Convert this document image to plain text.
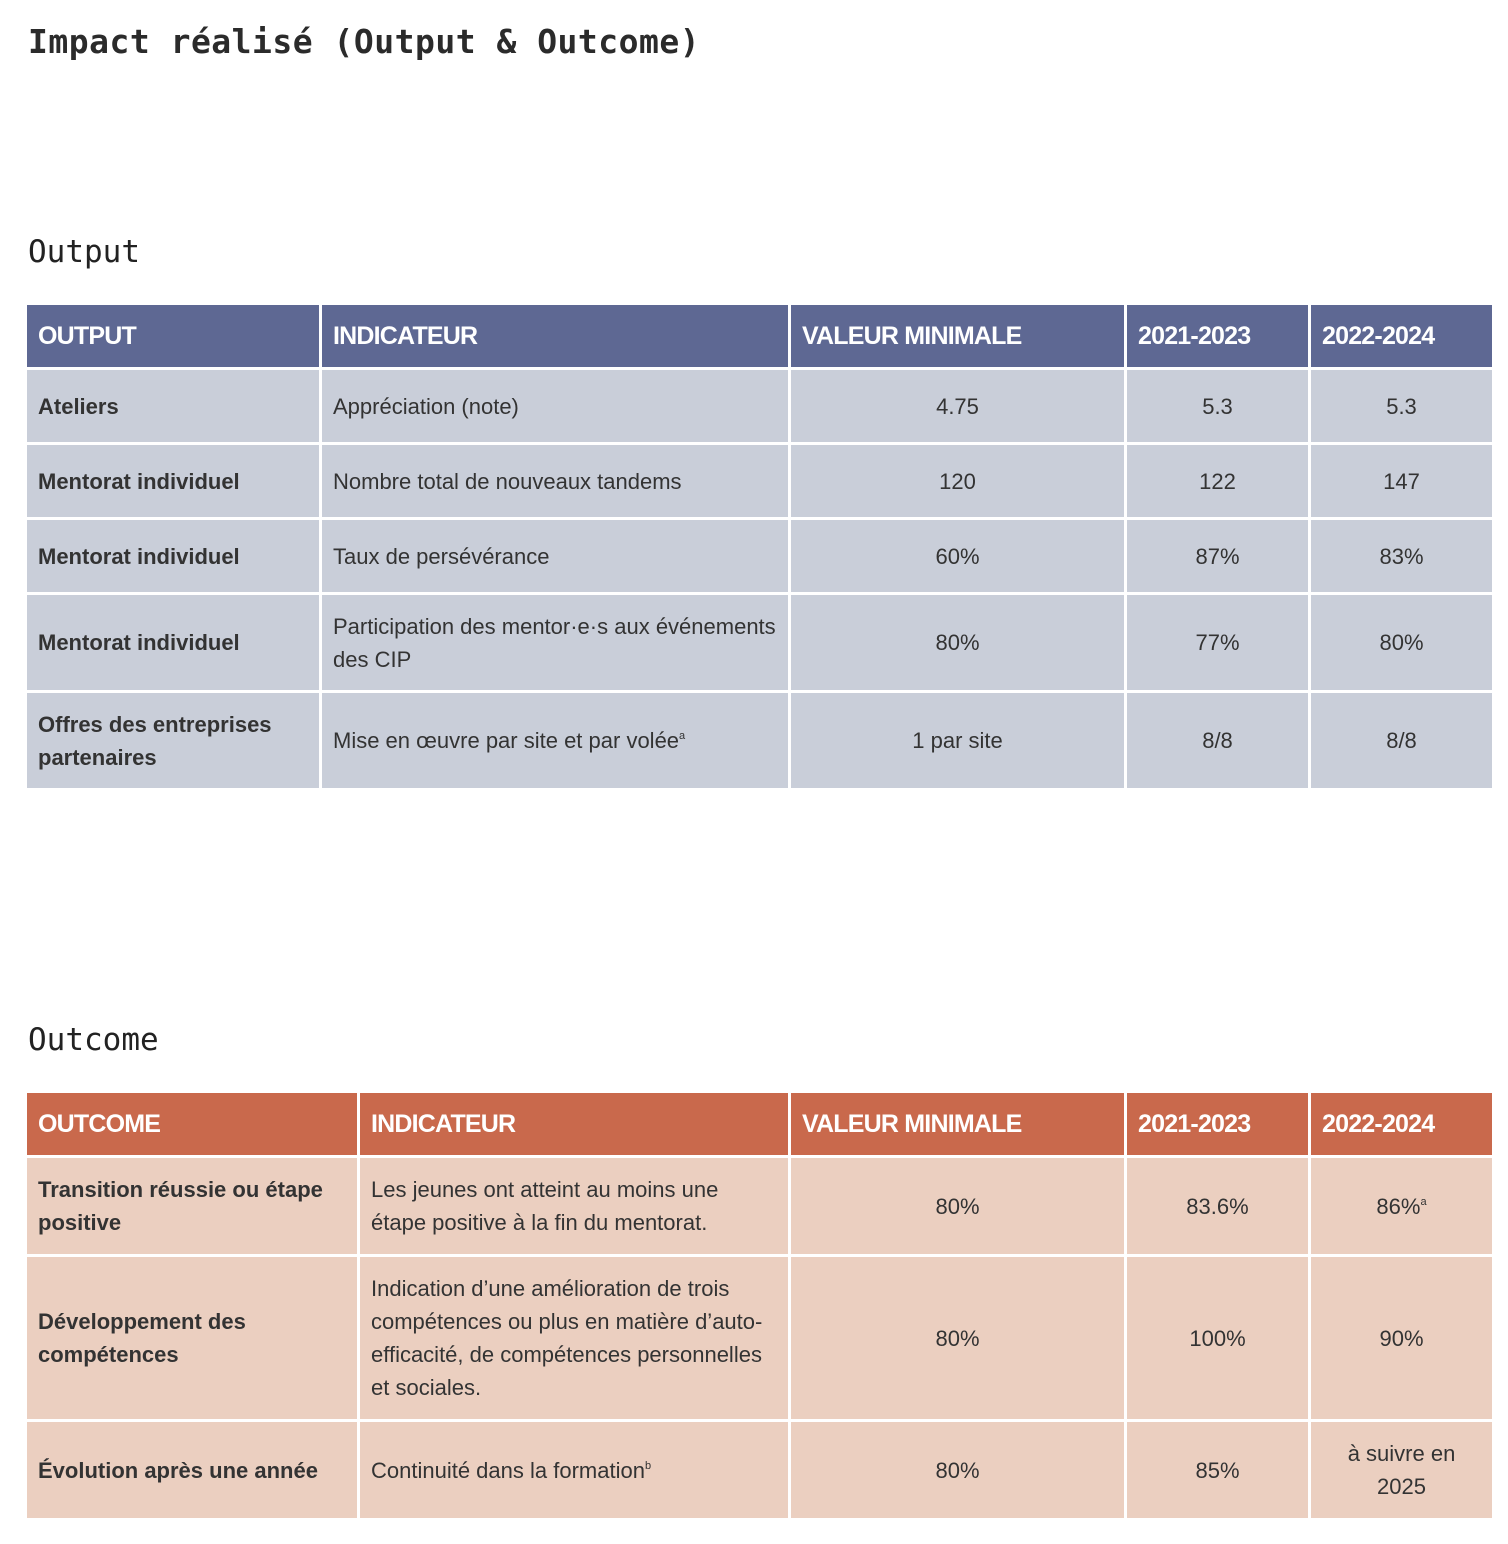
Impact réalisé (Output & Outcome)
Output
OUTPUT	INDICATEUR	VALEUR MINIMALE	2021-2023	2022-2024
Ateliers	Appréciation (note)	4.75	5.3	5.3
Mentorat individuel	Nombre total de nouveaux tandems	120	122	147
Mentorat individuel	Taux de persévérance	60%	87%	83%
Mentorat individuel	Participation des mentor·e·s aux événements des CIP	80%	77%	80%
Offres des entreprises partenaires	Mise en œuvre par site et par volée$^a$	1 par site	8/8	8/8
Outcome
OUTCOME	INDICATEUR	VALEUR MINIMALE	2021-2023	2022-2024
Transition réussie ou étape positive	Les jeunes ont atteint au moins une étape positive à la fin du mentorat.	80%	83.6%	86%$^a$
Développement des compétences	Indication d’une amélioration de trois compétences ou plus en matière d’auto-efficacité, de compétences personnelles et sociales.	80%	100%	90%
Évolution après une année	Continuité dans la formation$^b$	80%	85%	à suivre en 2025
